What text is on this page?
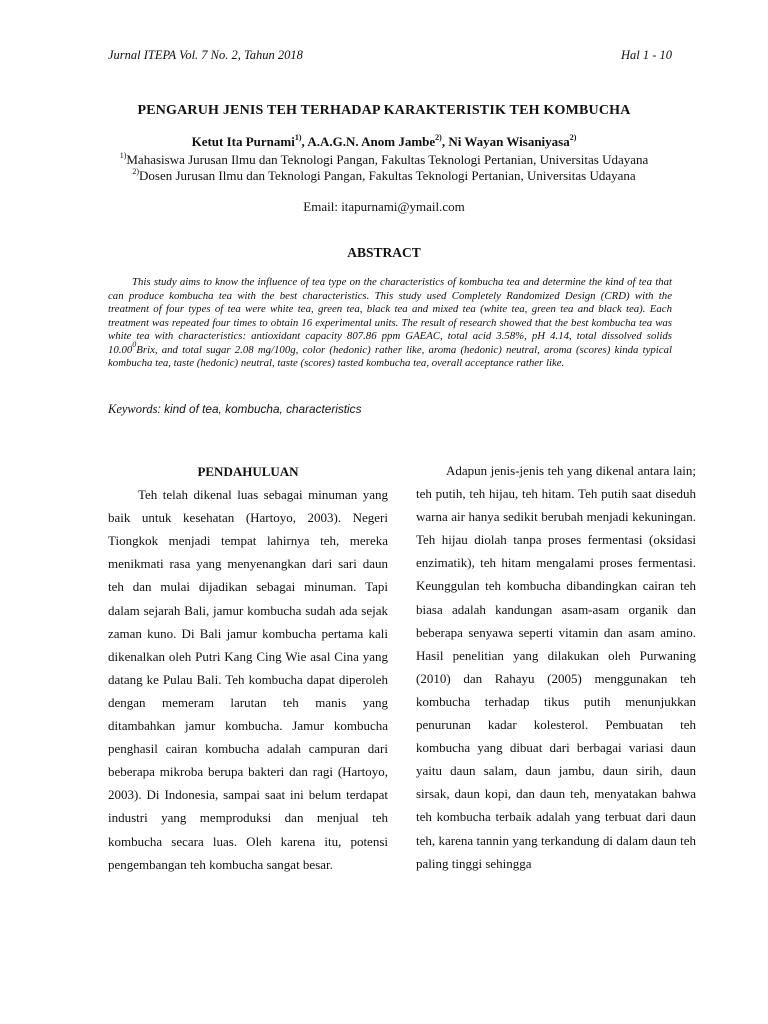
Jurnal ITEPA Vol. 7 No. 2, Tahun 2018	Hal 1 - 10
PENGARUH JENIS TEH TERHADAP KARAKTERISTIK TEH KOMBUCHA
Ketut Ita Purnami$^{1)}$, A.A.G.N. Anom Jambe$^{2)}$, Ni Wayan Wisaniyasa$^{2)}$
$^{1)}$Mahasiswa Jurusan Ilmu dan Teknologi Pangan, Fakultas Teknologi Pertanian, Universitas Udayana
$^{2)}$Dosen Jurusan Ilmu dan Teknologi Pangan, Fakultas Teknologi Pertanian, Universitas Udayana
Email: itapurnami@ymail.com
ABSTRACT
This study aims to know the influence of tea type on the characteristics of kombucha tea and determine the kind of tea that can produce kombucha tea with the best characteristics. This study used Completely Randomized Design (CRD) with the treatment of four types of tea were white tea, green tea, black tea and mixed tea (white tea, green tea and black tea). Each treatment was repeated four times to obtain 16 experimental units. The result of research showed that the best kombucha tea was white tea with characteristics: antioxidant capacity 807.86 ppm GAEAC, total acid 3.58%, pH 4.14, total dissolved solids 10.00$^0$Brix, and total sugar 2.08 mg/100g, color (hedonic) rather like, aroma (hedonic) neutral, aroma (scores) kinda typical kombucha tea, taste (hedonic) neutral, taste (scores) tasted kombucha tea, overall acceptance rather like.
Keywords: kind of tea, kombucha, characteristics
PENDAHULUAN

Teh telah dikenal luas sebagai minuman yang baik untuk kesehatan (Hartoyo, 2003). Negeri Tiongkok menjadi tempat lahirnya teh, mereka menikmati rasa yang menyenangkan dari sari daun teh dan mulai dijadikan sebagai minuman. Tapi dalam sejarah Bali, jamur kombucha sudah ada sejak zaman kuno. Di Bali jamur kombucha pertama kali dikenalkan oleh Putri Kang Cing Wie asal Cina yang datang ke Pulau Bali. Teh kombucha dapat diperoleh dengan memeram larutan teh manis yang ditambahkan jamur kombucha. Jamur kombucha penghasil cairan kombucha adalah campuran dari beberapa mikroba berupa bakteri dan ragi (Hartoyo, 2003). Di Indonesia, sampai saat ini belum terdapat industri yang memproduksi dan menjual teh kombucha secara luas. Oleh karena itu, potensi pengembangan teh kombucha sangat besar.

Adapun jenis-jenis teh yang dikenal antara lain; teh putih, teh hijau, teh hitam. Teh putih saat diseduh warna air hanya sedikit berubah menjadi kekuningan. Teh hijau diolah tanpa proses fermentasi (oksidasi enzimatik), teh hitam mengalami proses fermentasi. Keunggulan teh kombucha dibandingkan cairan teh biasa adalah kandungan asam-asam organik dan beberapa senyawa seperti vitamin dan asam amino. Hasil penelitian yang dilakukan oleh Purwaning (2010) dan Rahayu (2005) menggunakan teh kombucha terhadap tikus putih menunjukkan penurunan kadar kolesterol. Pembuatan teh kombucha yang dibuat dari berbagai variasi daun yaitu daun salam, daun jambu, daun sirih, daun sirsak, daun kopi, dan daun teh, menyatakan bahwa teh kombucha terbaik adalah yang terbuat dari daun teh, karena tannin yang terkandung di dalam daun teh paling tinggi sehingga
